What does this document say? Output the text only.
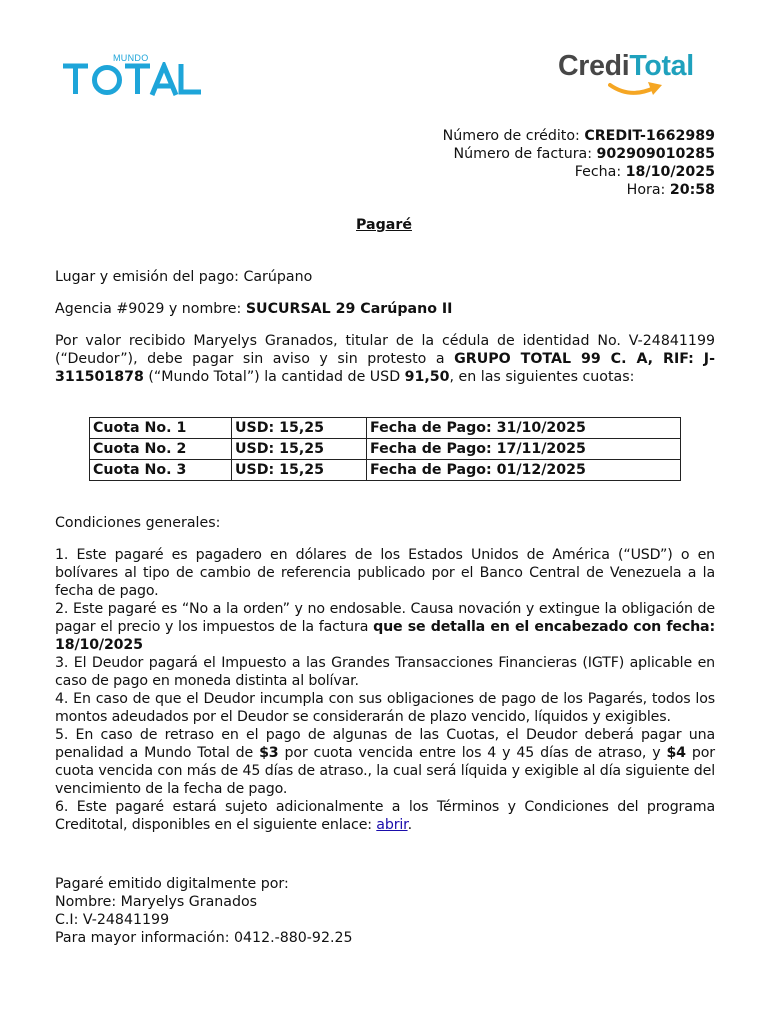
MUNDO	CrediTotal
Número de crédito: CREDIT-1662989
Número de factura: 902909010285
Fecha: 18/10/2025
Hora: 20:58
Pagaré
Lugar y emisión del pago: Carúpano
Agencia #9029 y nombre: SUCURSAL 29 Carúpano II

Por valor recibido Maryelys Granados, titular de la cédula de identidad No. V-24841199 (“Deudor”), debe pagar sin aviso y sin protesto a GRUPO TOTAL 99 C. A, RIF: J-311501878 (“Mundo Total”) la cantidad de USD 91,50, en las siguientes cuotas:

Cuota No. 1	USD: 15,25	Fecha de Pago: 31/10/2025
Cuota No. 2	USD: 15,25	Fecha de Pago: 17/11/2025
Cuota No. 3	USD: 15,25	Fecha de Pago: 01/12/2025
Condiciones generales:

1. Este pagaré es pagadero en dólares de los Estados Unidos de América (“USD”) o en bolívares al tipo de cambio de referencia publicado por el Banco Central de Venezuela a la fecha de pago.

2. Este pagaré es “No a la orden” y no endosable. Causa novación y extingue la obligación de pagar el precio y los impuestos de la factura que se detalla en el encabezado con fecha: 18/10/2025

3. El Deudor pagará el Impuesto a las Grandes Transacciones Financieras (IGTF) aplicable en caso de pago en moneda distinta al bolívar.

4. En caso de que el Deudor incumpla con sus obligaciones de pago de los Pagarés, todos los montos adeudados por el Deudor se considerarán de plazo vencido, líquidos y exigibles.

5. En caso de retraso en el pago de algunas de las Cuotas, el Deudor deberá pagar una penalidad a Mundo Total de $3 por cuota vencida entre los 4 y 45 días de atraso, y $4 por cuota vencida con más de 45 días de atraso., la cual será líquida y exigible al día siguiente del vencimiento de la fecha de pago.

6. Este pagaré estará sujeto adicionalmente a los Términos y Condiciones del programa Creditotal, disponibles en el siguiente enlace: abrir.

Pagaré emitido digitalmente por:
Nombre: Maryelys Granados
C.I: V-24841199
Para mayor información: 0412.-880-92.25
